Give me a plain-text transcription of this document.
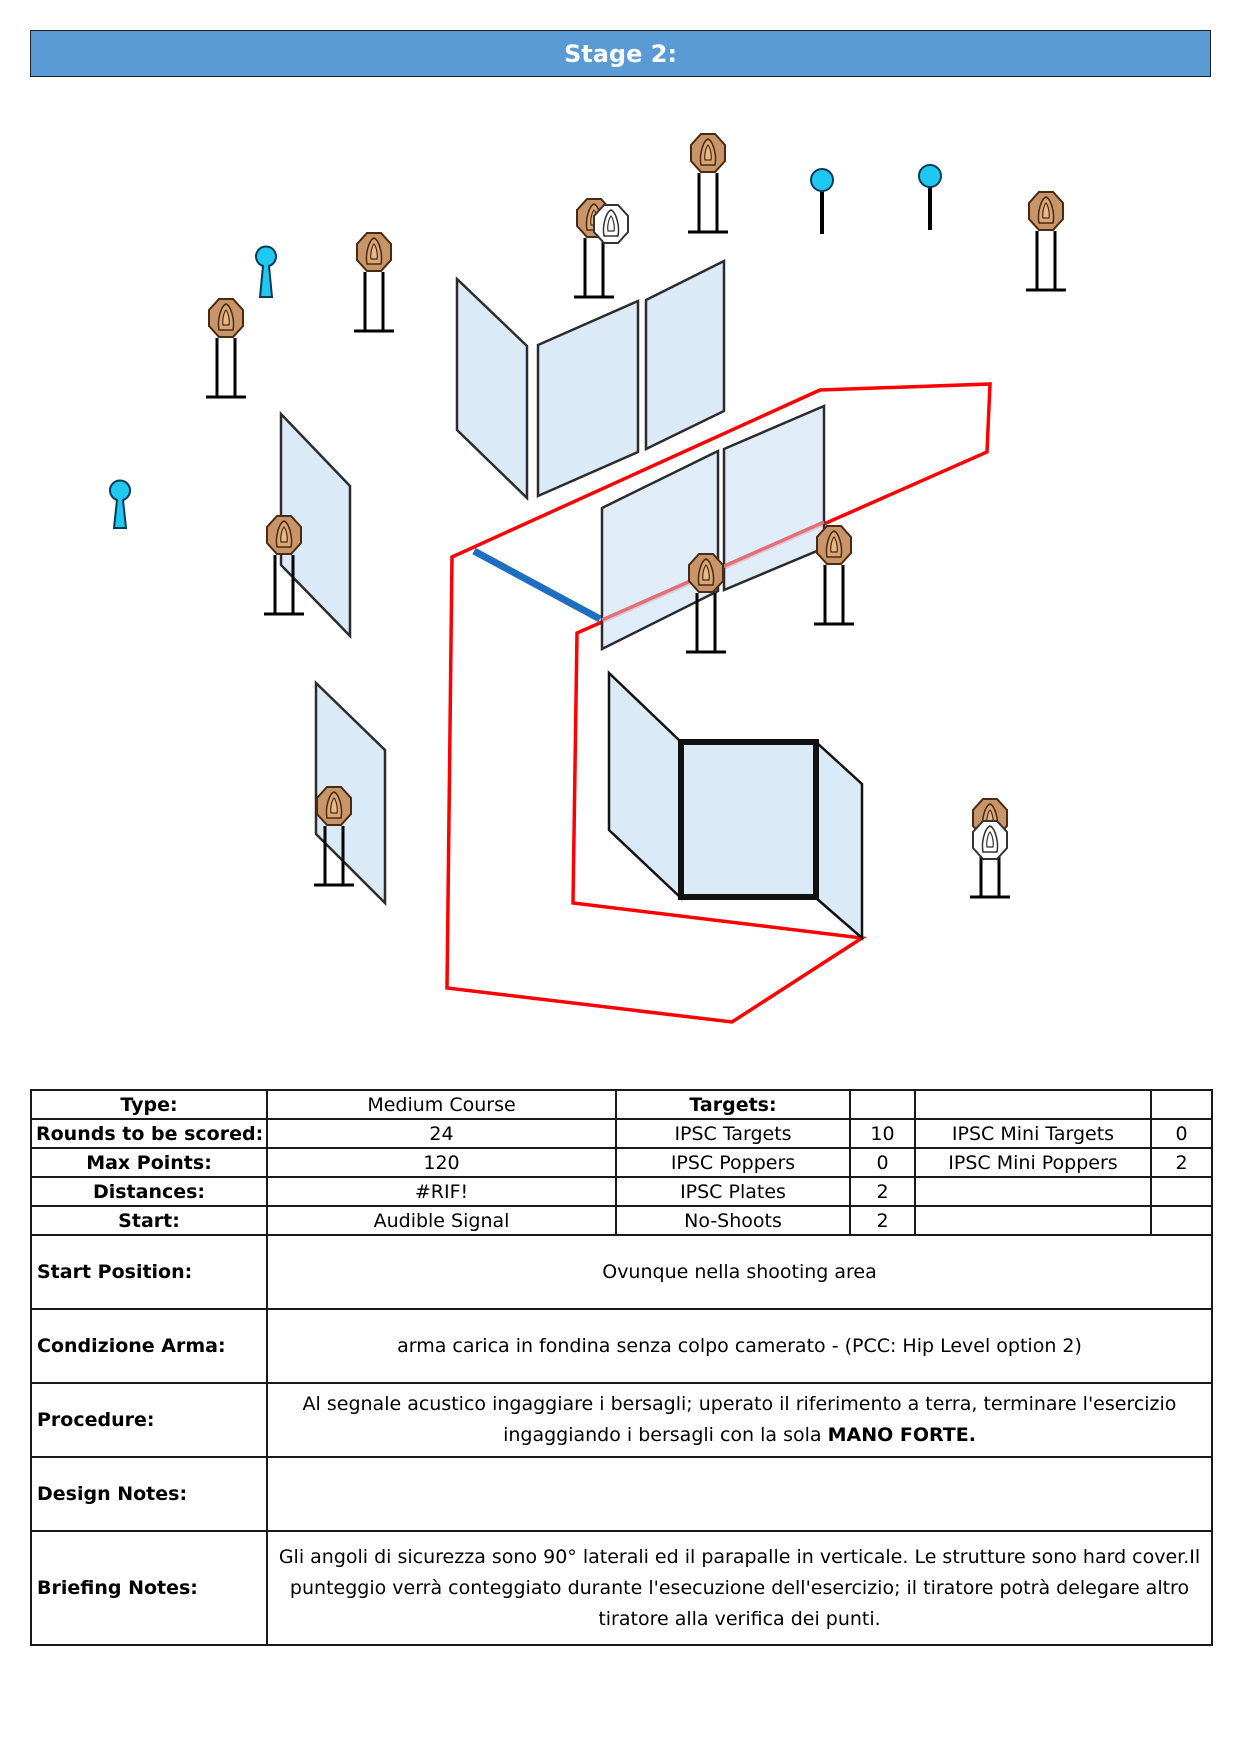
Stage 2:
Type:	Medium Course	Targets:			
Rounds to be scored:	24	IPSC Targets	10	IPSC Mini Targets	0
Max Points:	120	IPSC Poppers	0	IPSC Mini Poppers	2
Distances:	#RIF!	IPSC Plates	2		
Start:	Audible Signal	No-Shoots	2		
Start Position:	Ovunque nella shooting area				
Condizione Arma:	arma carica in fondina senza colpo camerato - (PCC: Hip Level option 2)				
Procedure:	Al segnale acustico ingaggiare i bersagli; uperato il riferimento a terra, terminare l'esercizio ingaggiando i bersagli con la sola MANO FORTE.				
Design Notes:					
Briefing Notes:	Gli angoli di sicurezza sono 90° laterali ed il parapalle in verticale. Le strutture sono hard cover.Il punteggio verrà conteggiato durante l'esecuzione dell'esercizio; il tiratore potrà delegare altro tiratore alla verifica dei punti.				
